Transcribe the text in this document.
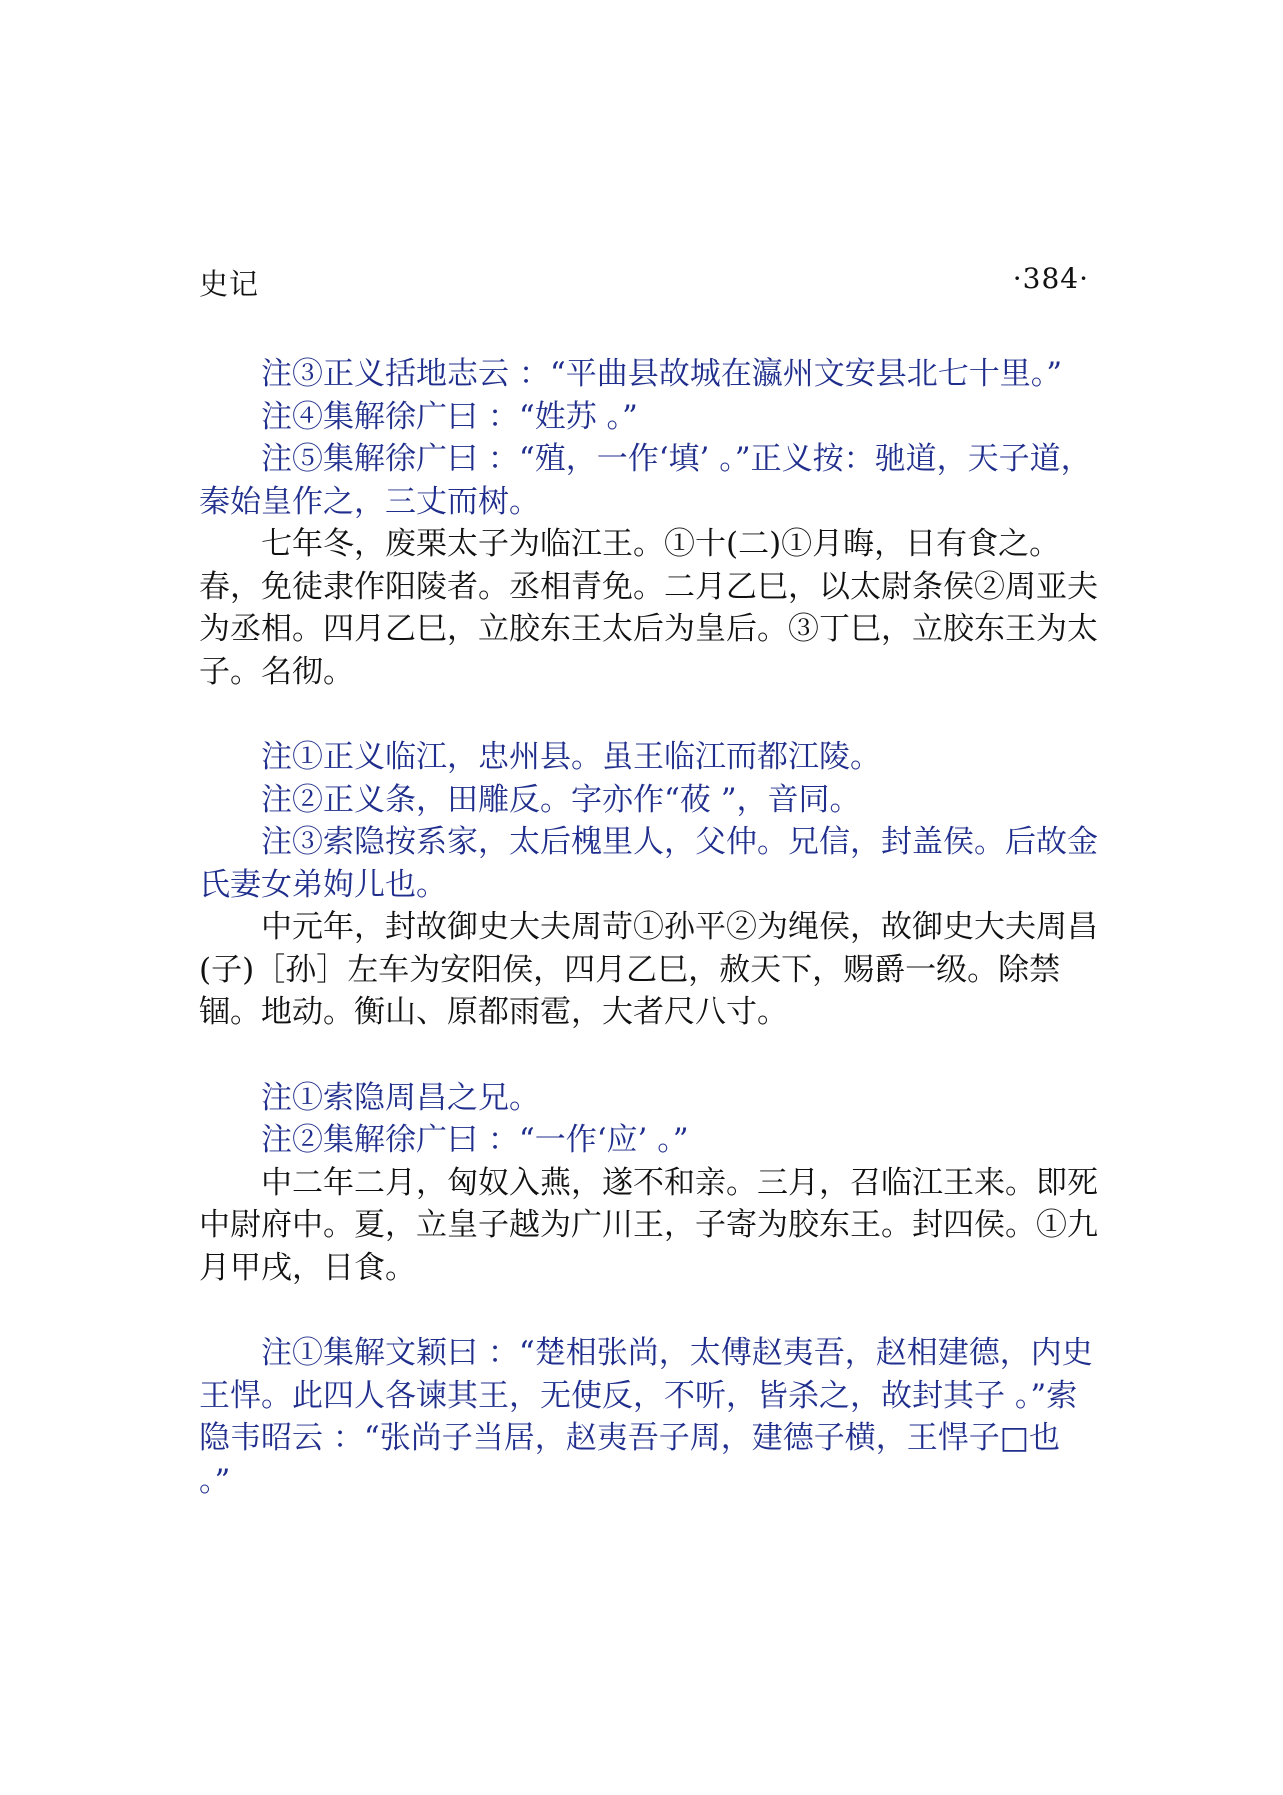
史记	·384·

注③正义括地志云 ：“平曲县故城在瀛州文安县北七十里。”

注④集解徐广曰 ：“姓苏 。”

注⑤集解徐广曰 ：“殖，一作‘填’ 。”正义按：驰道，天子道，秦始皇作之，三丈而树。

七年冬，废栗太子为临江王。①十(二)①月晦，日有食之。春，免徒隶作阳陵者。丞相青免。二月乙巳，以太尉条侯②周亚夫为丞相。四月乙巳，立胶东王太后为皇后。③丁巳，立胶东王为太子。名彻。

注①正义临江，忠州县。虽王临江而都江陵。

注②正义条，田雕反。字亦作“莜 ”，音同。

注③索隐按系家，太后槐里人，父仲。兄信，封盖侯。后故金氏妻女弟姁儿也。

中元年，封故御史大夫周苛①孙平②为绳侯，故御史大夫周昌(子)［孙］左车为安阳侯，四月乙巳，赦天下，赐爵一级。除禁锢。地动。衡山、原都雨雹，大者尺八寸。

注①索隐周昌之兄。

注②集解徐广曰 ：“一作‘应’ 。”

中二年二月，匈奴入燕，遂不和亲。三月，召临江王来。即死中尉府中。夏，立皇子越为广川王，子寄为胶东王。封四侯。①九月甲戌，日食。

注①集解文颖曰 ：“楚相张尚，太傅赵夷吾，赵相建德，内史王悍。此四人各谏其王，无使反，不听，皆杀之，故封其子 。”索隐韦昭云 ：“张尚子当居，赵夷吾子周，建德子横，王悍子□也 。”
